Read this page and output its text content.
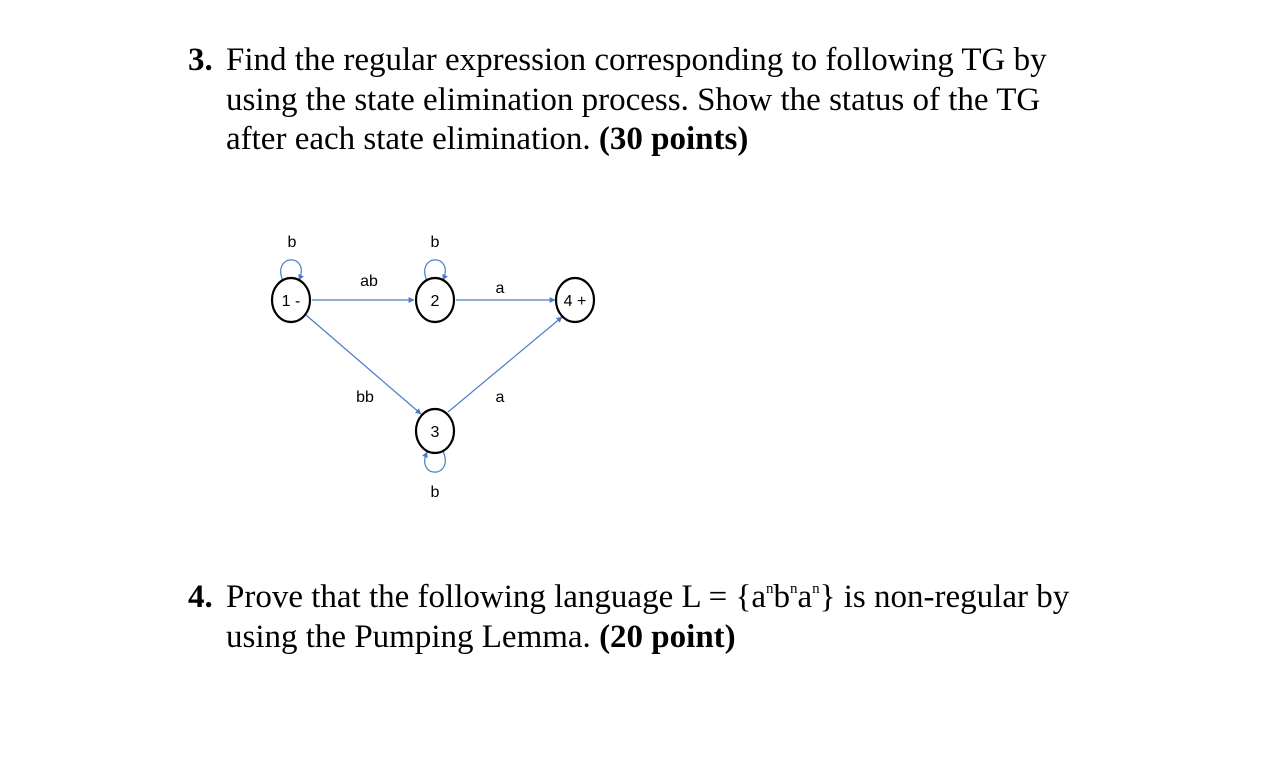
3. Find the regular expression corresponding to following TG by
using the state elimination process. Show the status of the TG
after each state elimination. (30 points)
1 -	2
3
4 +
b	b
b
ab
bb
a
a
4. Prove that the following language $L = \{a^nb^na^n\}$ is non-regular by
using the Pumping Lemma. (20 point)
